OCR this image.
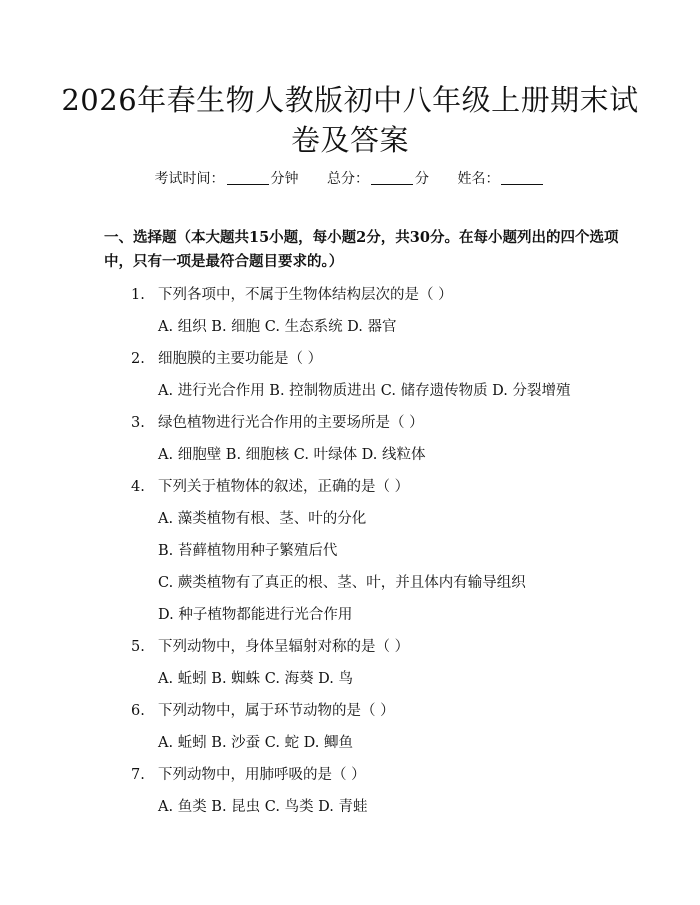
2026年春生物人教版初中八年级上册期末试
卷及答案
考试时间：	分钟 总分：	分 姓名：
一、选择题（本大题共15小题，每小题2分，共30分。在每小题列出的四个选项中，只有一项是最符合题目要求的。）
1. 下列各项中，不属于生物体结构层次的是（ ）
A. 组织 B. 细胞 C. 生态系统 D. 器官
2. 细胞膜的主要功能是（ ）
A. 进行光合作用 B. 控制物质进出 C. 储存遗传物质 D. 分裂增殖
3. 绿色植物进行光合作用的主要场所是（ ）
A. 细胞壁 B. 细胞核 C. 叶绿体 D. 线粒体
4. 下列关于植物体的叙述，正确的是（ ）
A. 藻类植物有根、茎、叶的分化
B. 苔藓植物用种子繁殖后代
C. 蕨类植物有了真正的根、茎、叶，并且体内有输导组织
D. 种子植物都能进行光合作用
5. 下列动物中，身体呈辐射对称的是（ ）
A. 蚯蚓 B. 蜘蛛 C. 海葵 D. 鸟
6. 下列动物中，属于环节动物的是（ ）
A. 蚯蚓 B. 沙蚕 C. 蛇 D. 鲫鱼
7. 下列动物中，用肺呼吸的是（ ）
A. 鱼类 B. 昆虫 C. 鸟类 D. 青蛙
